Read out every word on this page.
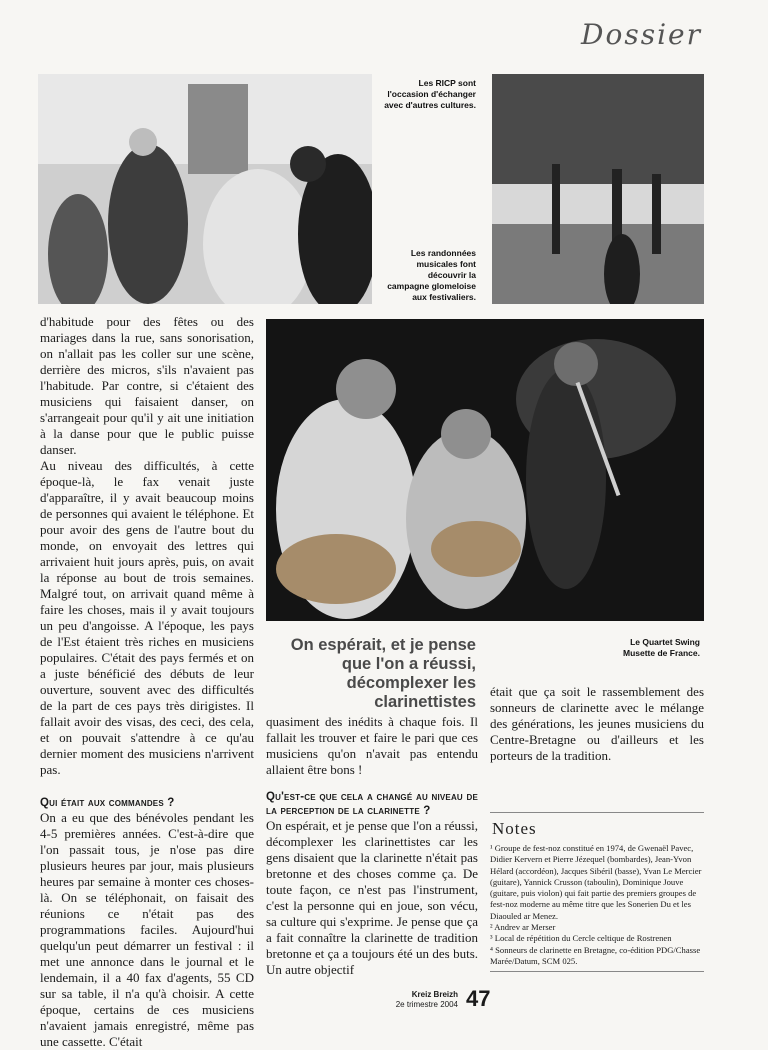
Dossier
Les RICP sont l'occasion d'échanger avec d'autres cultures.
Les randonnées musicales font découvrir la campagne glomeloise aux festivaliers.
Le Quartet Swing Musette de France.
On espérait, et je pense que l'on a réussi, décomplexer les clarinettistes

d'habitude pour des fêtes ou des mariages dans la rue, sans sonorisation, on n'allait pas les coller sur une scène, derrière des micros, s'ils n'avaient pas l'habitude. Par contre, si c'étaient des musiciens qui faisaient danser, on s'arrangeait pour qu'il y ait une initiation à la danse pour que le public puisse danser.

Au niveau des difficultés, à cette époque-là, le fax venait juste d'apparaître, il y avait beaucoup moins de personnes qui avaient le téléphone. Et pour avoir des gens de l'autre bout du monde, on envoyait des lettres qui arrivaient huit jours après, puis, on avait la réponse au bout de trois semaines. Malgré tout, on arrivait quand même à faire les choses, mais il y avait toujours un peu d'angoisse. A l'époque, les pays de l'Est étaient très riches en musiciens populaires. C'était des pays fermés et on a juste bénéficié des débuts de leur ouverture, souvent avec des difficultés de la part de ces pays très dirigistes. Il fallait avoir des visas, des ceci, des cela, et on pouvait s'attendre à ce qu'au dernier moment des musiciens n'arrivent pas.

Qui était aux commandes ?

On a eu que des bénévoles pendant les 4-5 premières années. C'est-à-dire que l'on passait tous, je n'ose pas dire plusieurs heures par jour, mais plusieurs heures par semaine à monter ces choses-là. On se téléphonait, on faisait des réunions ce n'était pas des programmations faciles. Aujourd'hui quelqu'un peut démarrer un festival : il met une annonce dans le journal et le lendemain, il a 40 fax d'agents, 55 CD sur sa table, il n'a qu'à choisir. A cette époque, certains de ces musiciens n'avaient jamais enregistré, même pas une cassette. C'était

quasiment des inédits à chaque fois. Il fallait les trouver et faire le pari que ces musiciens qu'on n'avait pas entendu allaient être bons !

Qu'est-ce que cela a changé au niveau de la perception de la clarinette ?

On espérait, et je pense que l'on a réussi, décomplexer les clarinettistes car les gens disaient que la clarinette n'était pas bretonne et des choses comme ça. De toute façon, ce n'est pas l'instrument, c'est la personne qui en joue, son vécu, sa culture qui s'exprime. Je pense que ça a fait connaître la clarinette de tradition bretonne et ça a toujours été un des buts. Un autre objectif

était que ça soit le rassemblement des sonneurs de clarinette avec le mélange des générations, les jeunes musiciens du Centre-Bretagne ou d'ailleurs et les porteurs de la tradition.

Notes
¹ Groupe de fest-noz constitué en 1974, de Gwenaël Pavec, Didier Kervern et Pierre Jézequel (bombardes), Jean-Yvon Hélard (accordéon), Jacques Sibéril (basse), Yvan Le Mercier (guitare), Yannick Crusson (taboulin), Dominique Jouve (guitare, puis violon) qui fait partie des premiers groupes de fest-noz moderne au même titre que les Sonerien Du et les Diaouled ar Menez.
² Andrev ar Merser
³ Local de répétition du Cercle celtique de Rostrenen
⁴ Sonneurs de clarinette en Bretagne, co-édition PDG/Chasse Marée/Datum, SCM 025.
Kreiz Breizh
2e trimestre 2004 47
